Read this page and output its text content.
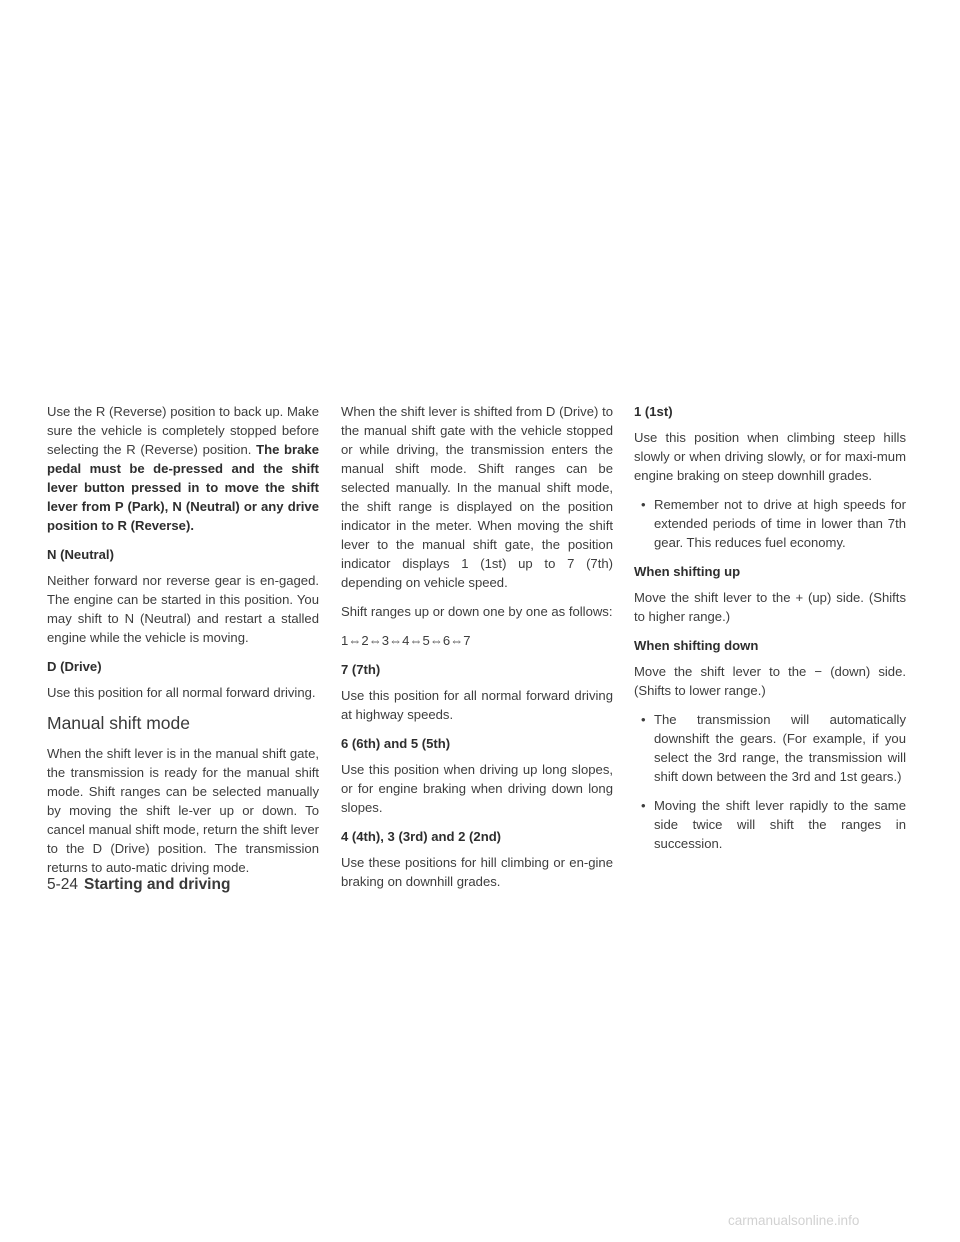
Use the R (Reverse) position to back up. Make sure the vehicle is completely stopped before selecting the R (Reverse) position. The brake pedal must be de-pressed and the shift lever button pressed in to move the shift lever from P (Park), N (Neutral) or any drive position to R (Reverse).

N (Neutral)

Neither forward nor reverse gear is en-gaged. The engine can be started in this position. You may shift to N (Neutral) and restart a stalled engine while the vehicle is moving.

D (Drive)

Use this position for all normal forward driving.

Manual shift mode

When the shift lever is in the manual shift gate, the transmission is ready for the manual shift mode. Shift ranges can be selected manually by moving the shift le-ver up or down. To cancel manual shift mode, return the shift lever to the D (Drive) position. The transmission returns to auto-matic driving mode.

When the shift lever is shifted from D (Drive) to the manual shift gate with the vehicle stopped or while driving, the transmission enters the manual shift mode. Shift ranges can be selected manually. In the manual shift mode, the shift range is displayed on the position indicator in the meter. When moving the shift lever to the manual shift gate, the position indicator displays 1 (1st) up to 7 (7th) depending on vehicle speed.

Shift ranges up or down one by one as follows:

1⇔2⇔3⇔4⇔5⇔6⇔7

7 (7th)

Use this position for all normal forward driving at highway speeds.

6 (6th) and 5 (5th)

Use this position when driving up long slopes, or for engine braking when driving down long slopes.

4 (4th), 3 (3rd) and 2 (2nd)

Use these positions for hill climbing or en-gine braking on downhill grades.

1 (1st)

Use this position when climbing steep hills slowly or when driving slowly, or for maxi-mum engine braking on steep downhill grades.

• Remember not to drive at high speeds for extended periods of time in lower than 7th gear. This reduces fuel economy.

When shifting up

Move the shift lever to the + (up) side. (Shifts to higher range.)

When shifting down

Move the shift lever to the − (down) side. (Shifts to lower range.)

• The transmission will automatically downshift the gears. (For example, if you select the 3rd range, the transmission will shift down between the 3rd and 1st gears.)
• Moving the shift lever rapidly to the same side twice will shift the ranges in succession.
5-24 Starting and driving
carmanualsonline.info
